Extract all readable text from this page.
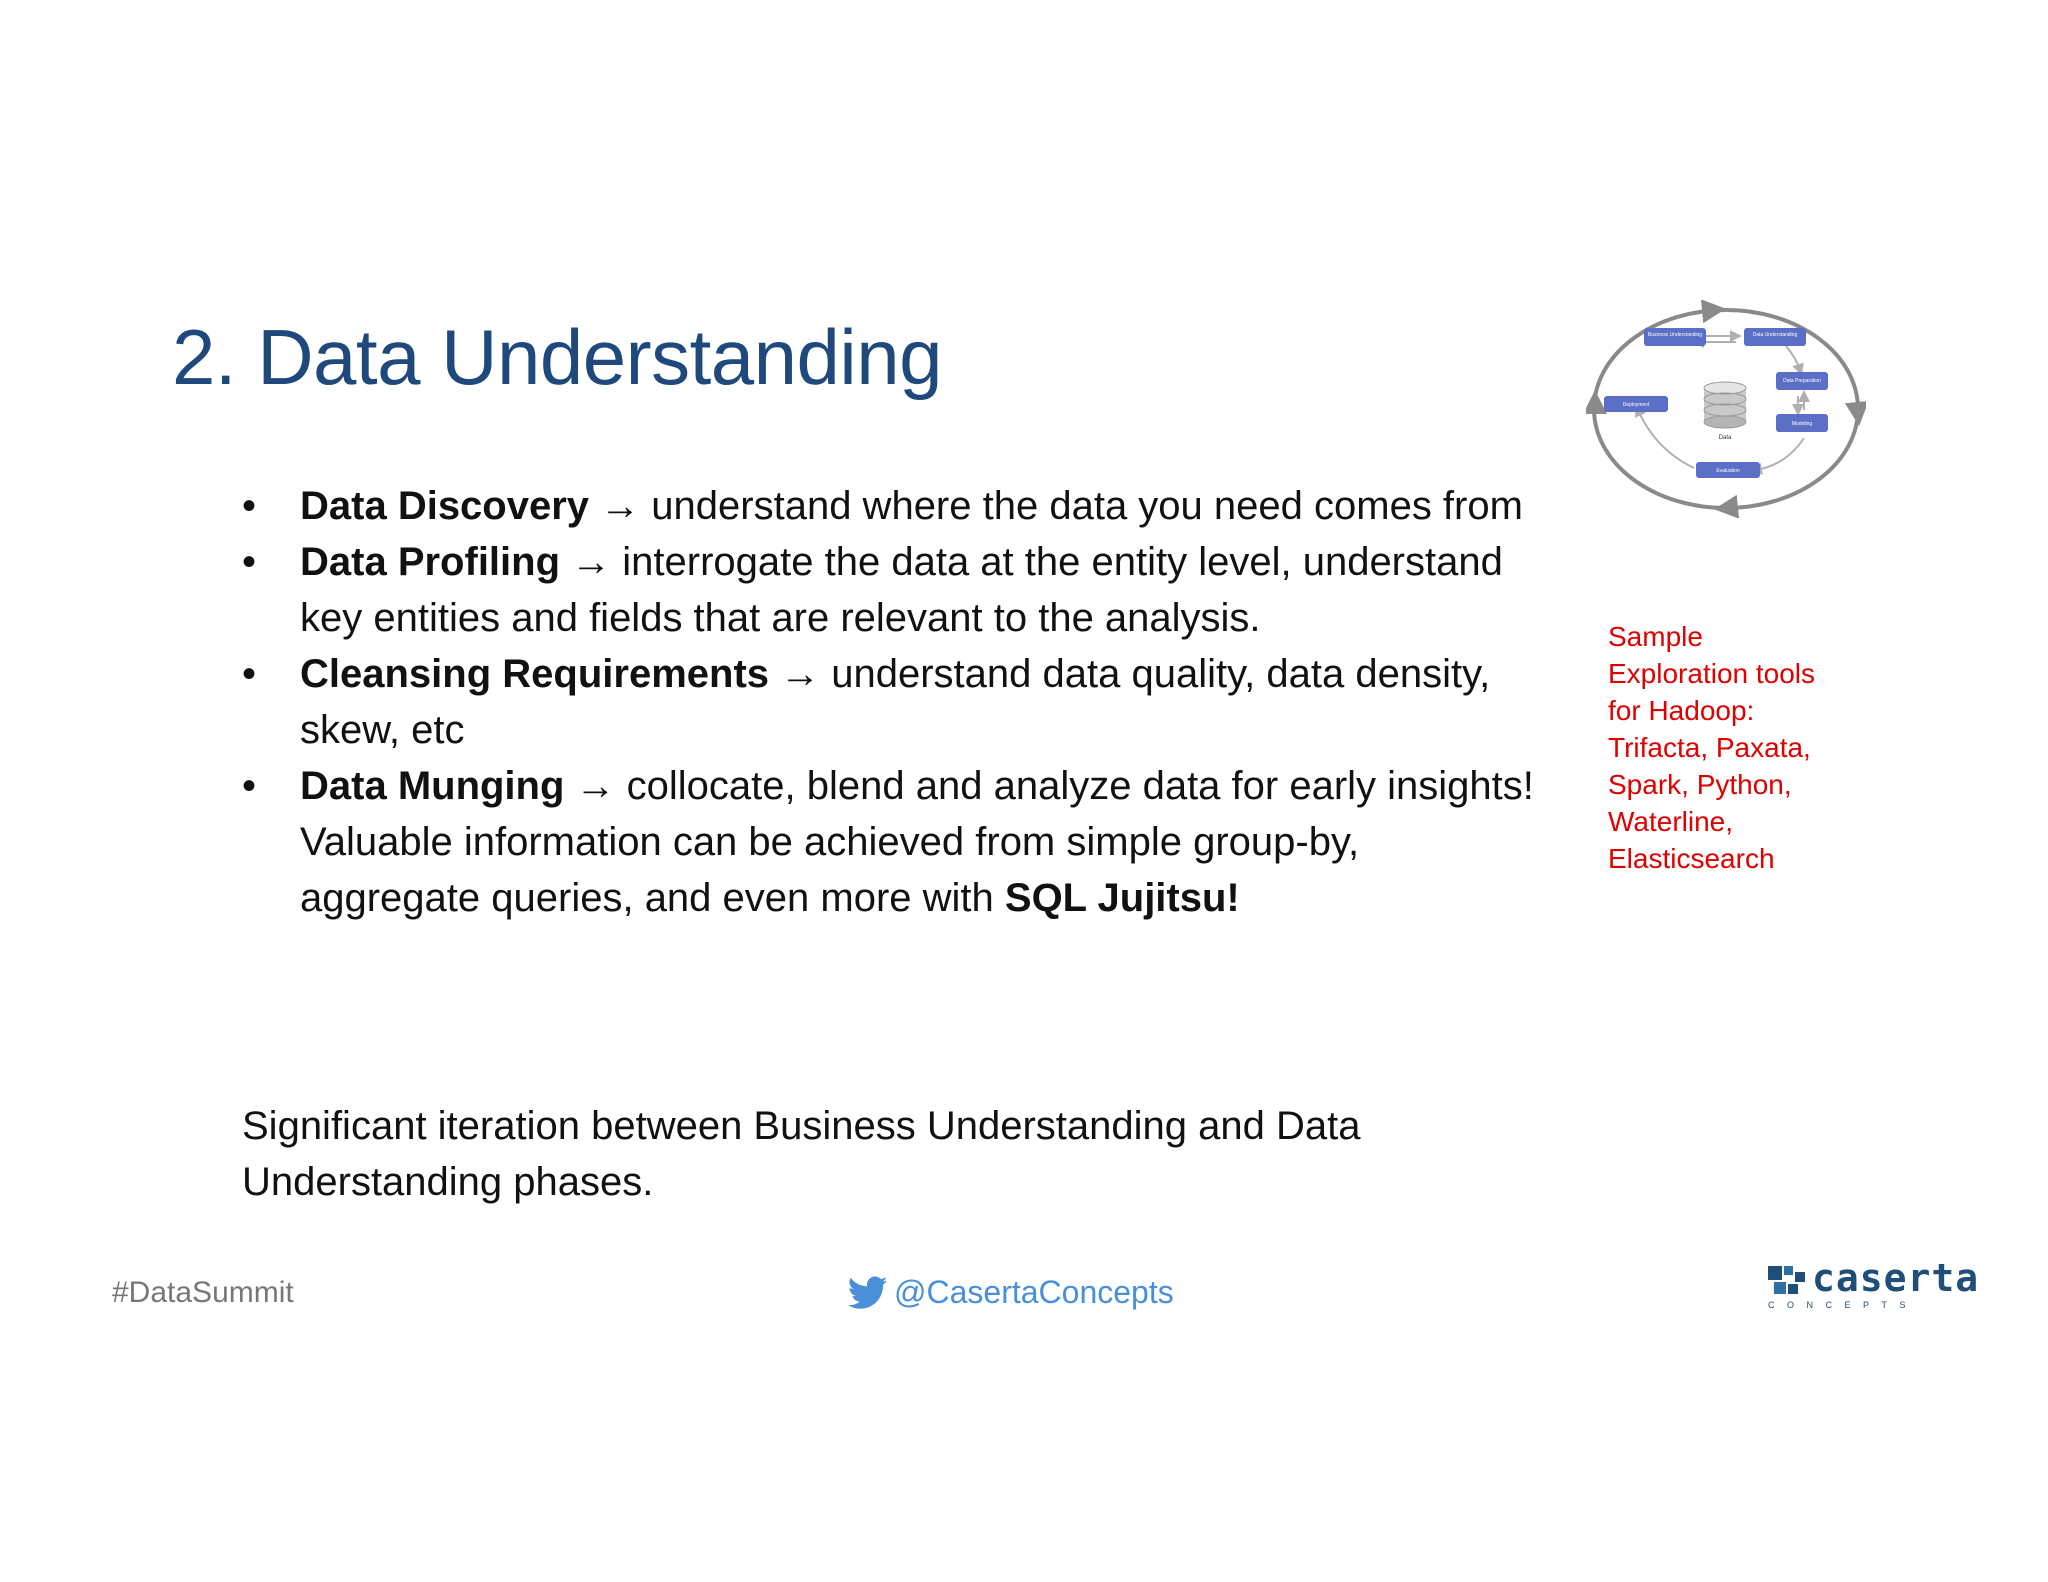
2. Data Understanding	Business Understanding	Data Understanding
Data Preparation
Modeling
Evaluation
Deployment
Data
• Data Discovery → understand where the data you need comes from
• Data Profiling → interrogate the data at the entity level, understand key entities and fields that are relevant to the analysis.
• Cleansing Requirements → understand data quality, data density, skew, etc
• Data Munging → collocate, blend and analyze data for early insights! Valuable information can be achieved from simple group-by, aggregate queries, and even more with SQL Jujitsu!
Significant iteration between Business Understanding and Data Understanding phases.
Sample
Exploration tools
for Hadoop:
Trifacta, Paxata,
Spark, Python,
Waterline,
Elasticsearch
#DataSummit	@CasertaConcepts	caserta
CONCEPTS
